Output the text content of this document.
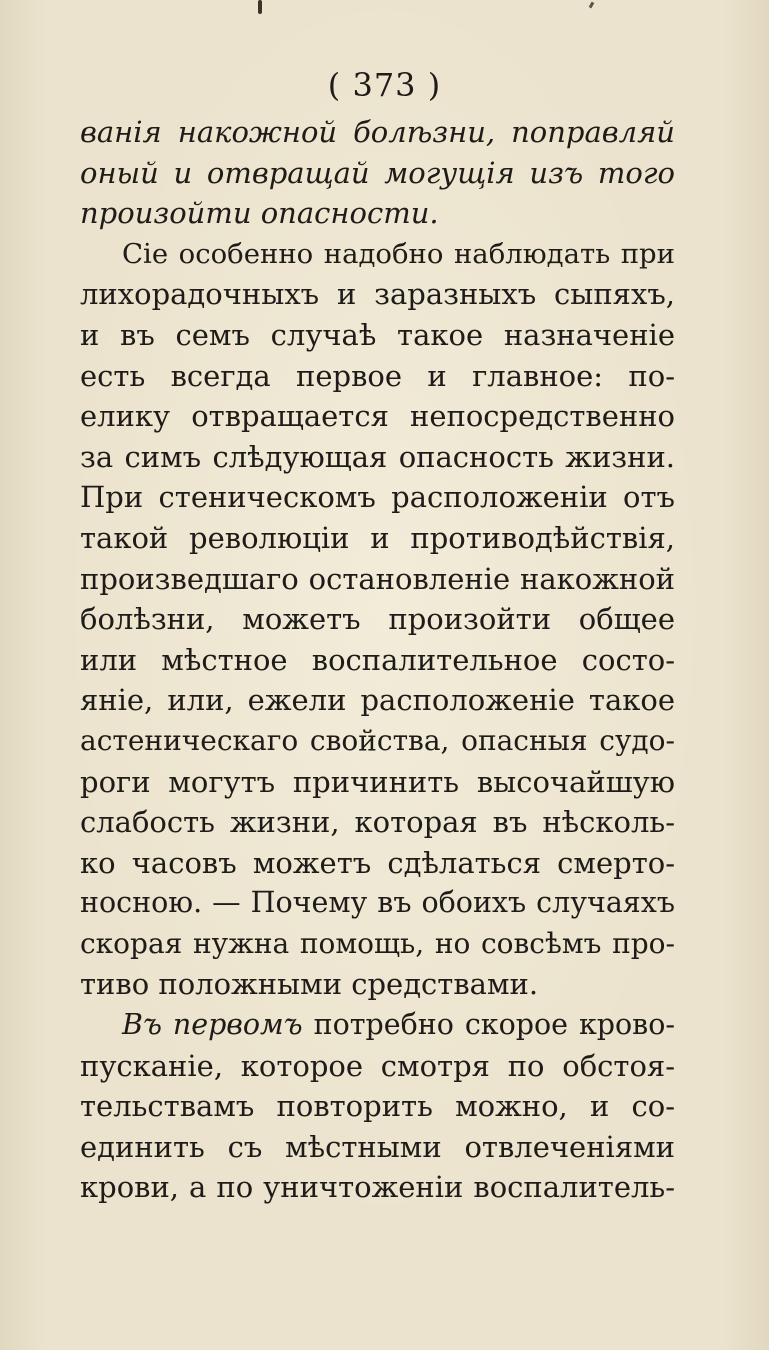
( 373 )
ванія накожной болѣзни, поправляй
оный и отвращай могущія изъ того
произойти опасности.
Сіе особенно надобно наблюдать при
лихорадочныхъ и заразныхъ сыпяхъ,
и въ семъ случаѣ такое назначеніе
есть всегда первое и главное: по-
елику отвращается непосредственно
за симъ слѣдующая опасность жизни.
При стеническомъ расположеніи отъ
такой революціи и противодѣйствія,
произведшаго остановленіе накожной
болѣзни, можетъ произойти общее
или мѣстное воспалительное состо-
яніе, или, ежели расположеніе такое
астеническаго свойства, опасныя судо-
роги могутъ причинить высочайшую
слабость жизни, которая въ нѣсколь-
ко часовъ можетъ сдѣлаться смерто-
носною. — Почему въ обоихъ случаяхъ
скорая нужна помощь, но совсѣмъ про-
тиво положными средствами.
Въ первомъ потребно скорое крово-
пусканіе, которое смотря по обстоя-
тельствамъ повторить можно, и со-
единить съ мѣстными отвлеченіями
крови, а по уничтоженіи воспалитель-
